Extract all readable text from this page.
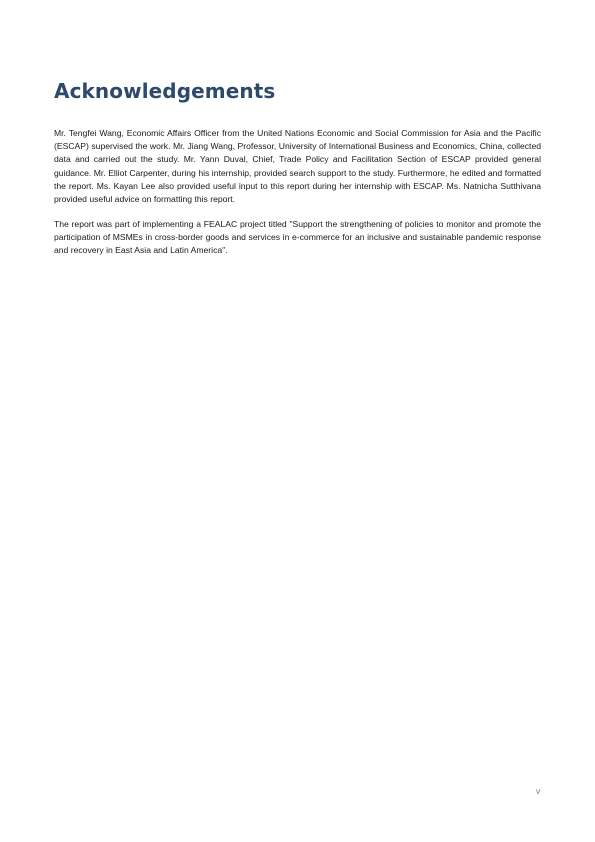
Acknowledgements

Mr. Tengfei Wang, Economic Affairs Officer from the United Nations Economic and Social Commission for Asia and the Pacific (ESCAP) supervised the work. Mr. Jiang Wang, Professor, University of International Business and Economics, China, collected data and carried out the study. Mr. Yann Duval, Chief, Trade Policy and Facilitation Section of ESCAP provided general guidance. Mr. Elliot Carpenter, during his internship, provided search support to the study. Furthermore, he edited and formatted the report. Ms. Kayan Lee also provided useful input to this report during her internship with ESCAP. Ms. Natnicha Sutthivana provided useful advice on formatting this report.

The report was part of implementing a FEALAC project titled "Support the strengthening of policies to monitor and promote the participation of MSMEs in cross-border goods and services in e-commerce for an inclusive and sustainable pandemic response and recovery in East Asia and Latin America".

v
